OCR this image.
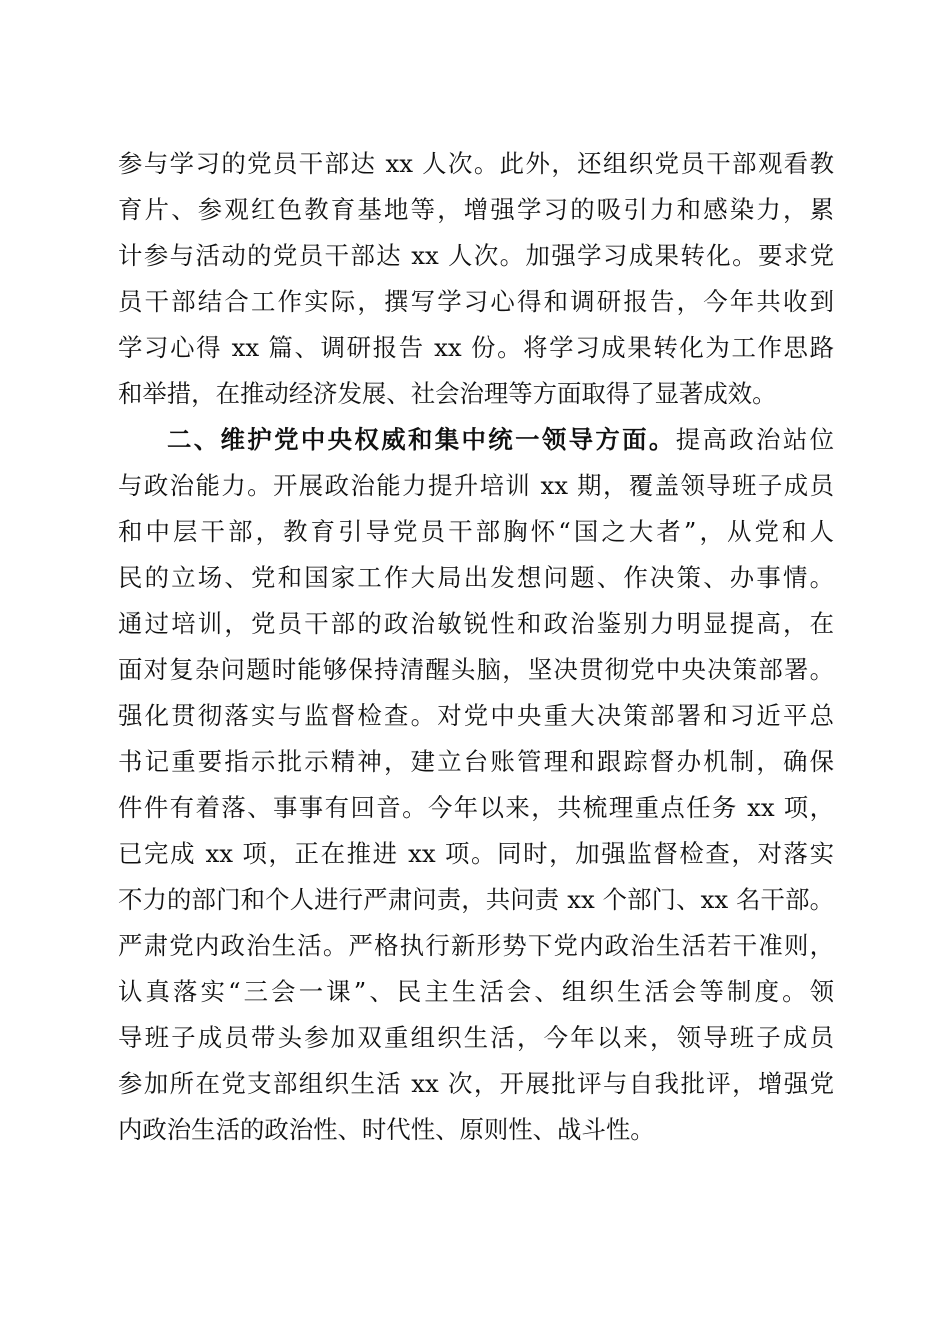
参与学习的党员干部达 xx 人次。此外，还组织党员干部观看教
育片、参观红色教育基地等，增强学习的吸引力和感染力，累
计参与活动的党员干部达 xx 人次。加强学习成果转化。要求党
员干部结合工作实际，撰写学习心得和调研报告，今年共收到
学习心得 xx 篇、调研报告 xx 份。将学习成果转化为工作思路
和举措，在推动经济发展、社会治理等方面取得了显著成效。
二、维护党中央权威和集中统一领导方面。提高政治站位
与政治能力。开展政治能力提升培训 xx 期，覆盖领导班子成员
和中层干部，教育引导党员干部胸怀“国之大者”，从党和人
民的立场、党和国家工作大局出发想问题、作决策、办事情。
通过培训，党员干部的政治敏锐性和政治鉴别力明显提高，在
面对复杂问题时能够保持清醒头脑，坚决贯彻党中央决策部署。
强化贯彻落实与监督检查。对党中央重大决策部署和习近平总
书记重要指示批示精神，建立台账管理和跟踪督办机制，确保
件件有着落、事事有回音。今年以来，共梳理重点任务 xx 项，
已完成 xx 项，正在推进 xx 项。同时，加强监督检查，对落实
不力的部门和个人进行严肃问责，共问责 xx 个部门、xx 名干部。
严肃党内政治生活。严格执行新形势下党内政治生活若干准则，
认真落实“三会一课”、民主生活会、组织生活会等制度。领
导班子成员带头参加双重组织生活，今年以来，领导班子成员
参加所在党支部组织生活 xx 次，开展批评与自我批评，增强党
内政治生活的政治性、时代性、原则性、战斗性。
